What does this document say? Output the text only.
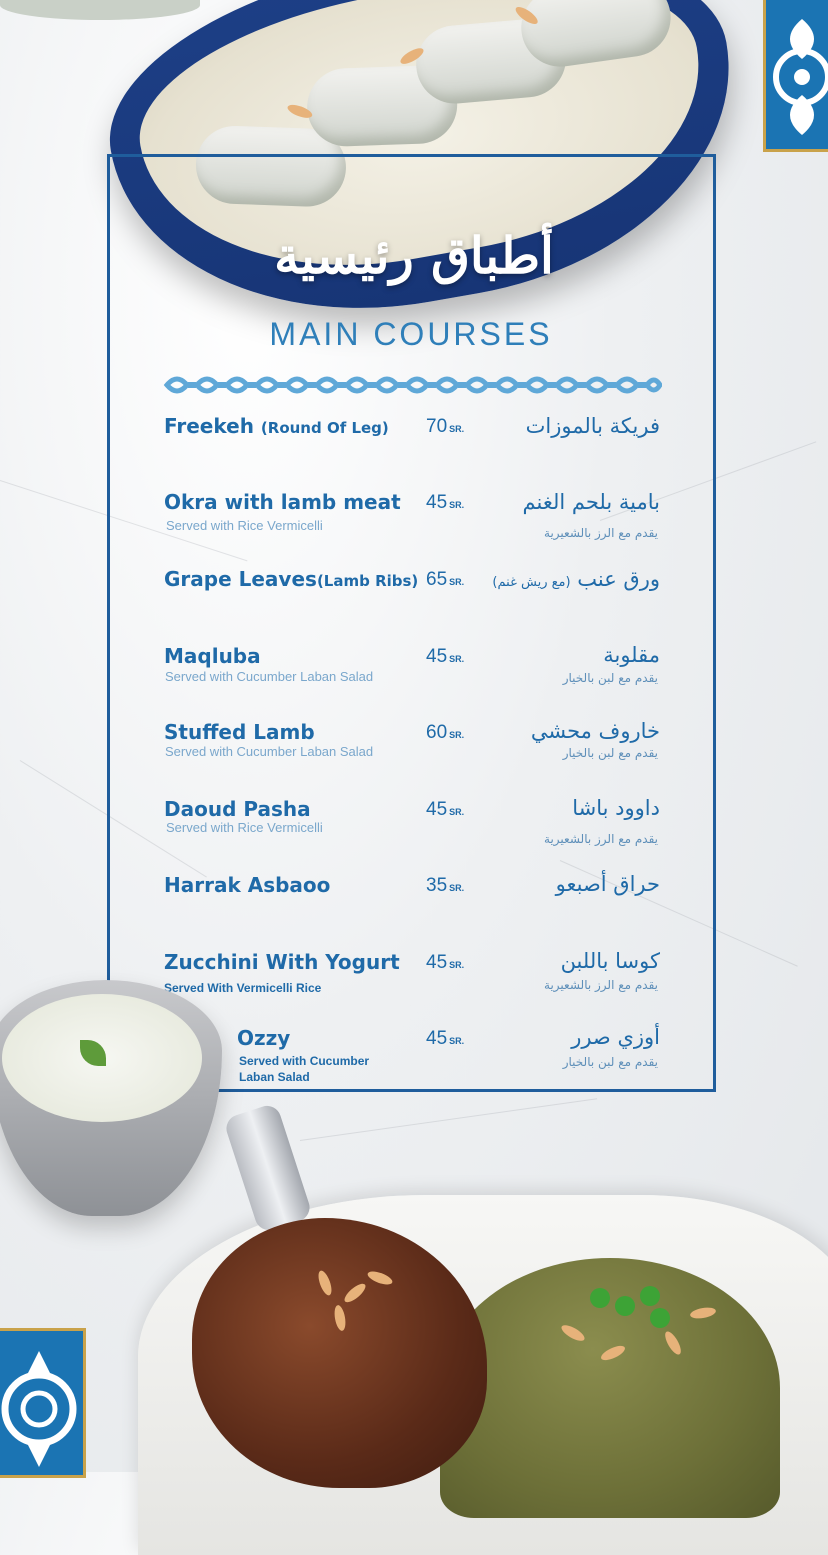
أطباق رئيسية
MAIN COURSES
Freekeh (Round Of Leg) 70 SR.	فريكة بالموزات
Okra with lamb meat
Served with Rice Vermicelli
45 SR.	بامية بلحم الغنم
يقدم مع الرز بالشعيرية
Grape Leaves(Lamb Ribs) 65 SR.	ورق عنب (مع ريش غنم)
Maqluba
Served with Cucumber Laban Salad
45 SR.	مقلوبة
يقدم مع لبن بالخيار
Stuffed Lamb
Served with Cucumber Laban Salad
60 SR.	خاروف محشي
يقدم مع لبن بالخيار
Daoud Pasha
Served with Rice Vermicelli
45 SR.	داوود باشا
يقدم مع الرز بالشعيرية
Harrak Asbaoo	35 SR.	حراق أصبعو
Zucchini With Yogurt
Served With Vermicelli Rice
45 SR.	كوسا باللبن
يقدم مع الرز بالشعيرية
Ozzy
Served with Cucumber
Laban Salad
45 SR.	أوزي صرر
يقدم مع لبن بالخيار
